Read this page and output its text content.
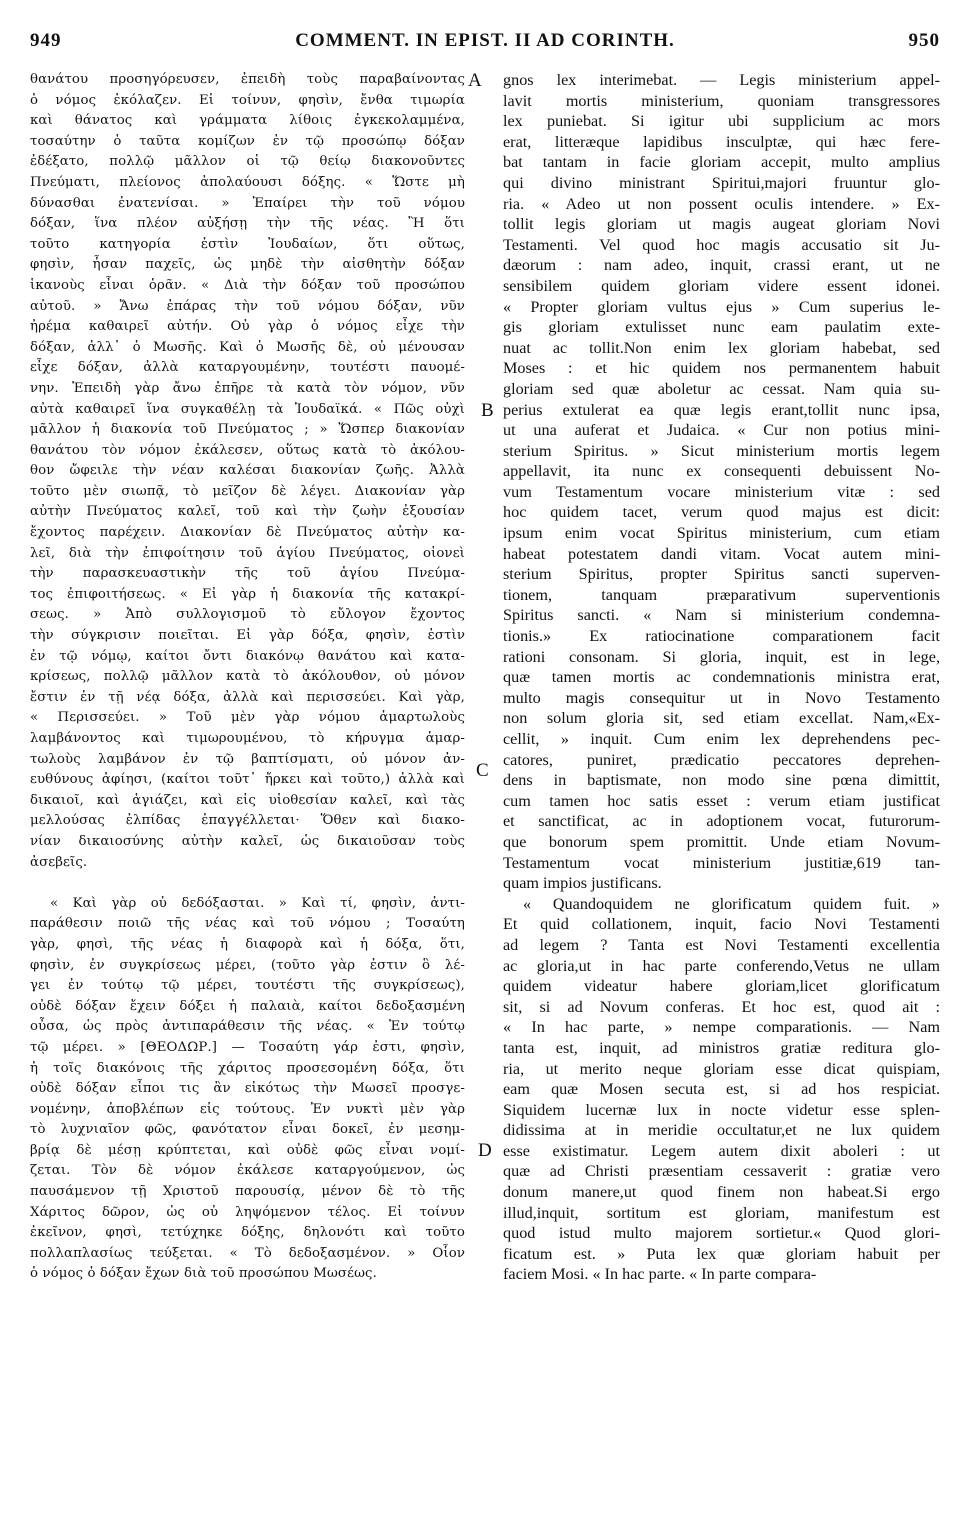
949	COMMENT. IN EPIST. II AD CORINTH.	950
θανάτου προσηγόρευσεν, ἐπειδὴ τοὺς παραβαίνοντας
ὁ νόμος ἐκόλαζεν. Εἰ τοίνυν, φησὶν, ἔνθα τιμωρία
καὶ θάνατος καὶ γράμματα λίθοις ἐγκεκολαμμένα,
τοσαύτην ὁ ταῦτα κομίζων ἐν τῷ προσώπῳ δόξαν
ἐδέξατο, πολλῷ μᾶλλον οἱ τῷ θείῳ διακονοῦντες
Πνεύματι, πλείονος ἀπολαύουσι δόξης. « Ὥστε μὴ
δύνασθαι ἐνατενίσαι. » Ἐπαίρει τὴν τοῦ νόμου
δόξαν, ἵνα πλέον αὐξήσῃ τὴν τῆς νέας. Ἢ ὅτι
τοῦτο κατηγορία ἐστὶν Ἰουδαίων, ὅτι οὕτως,
φησὶν, ἦσαν παχεῖς, ὡς μηδὲ τὴν αἰσθητὴν δόξαν
ἱκανοὺς εἶναι ὁρᾶν. « Διὰ τὴν δόξαν τοῦ προσώπου
αὐτοῦ. » Ἄνω ἐπάρας τὴν τοῦ νόμου δόξαν, νῦν
ἠρέμα καθαιρεῖ αὐτήν. Οὐ γὰρ ὁ νόμος εἶχε τὴν
δόξαν, ἀλλ᾽ ὁ Μωσῆς. Καὶ ὁ Μωσῆς δὲ, οὐ μένουσαν
εἶχε δόξαν, ἀλλὰ καταργουμένην, τουτέστι παυομέ-
νην. Ἐπειδὴ γὰρ ἄνω ἐπῆρε τὰ κατὰ τὸν νόμον, νῦν
αὐτὰ καθαιρεῖ ἵνα συγκαθέλῃ τὰ Ἰουδαϊκά. « Πῶς οὐχὶ
μᾶλλον ἡ διακονία τοῦ Πνεύματος ; » Ὥσπερ διακονίαν
θανάτου τὸν νόμον ἐκάλεσεν, οὕτως κατὰ τὸ ἀκόλου-
θον ὤφειλε τὴν νέαν καλέσαι διακονίαν ζωῆς. Ἀλλὰ
τοῦτο μὲν σιωπᾷ, τὸ μεῖζον δὲ λέγει. Διακονίαν γὰρ
αὐτὴν Πνεύματος καλεῖ, τοῦ καὶ τὴν ζωὴν ἐξουσίαν
ἔχοντος παρέχειν. Διακονίαν δὲ Πνεύματος αὐτὴν κα-
λεῖ, διὰ τὴν ἐπιφοίτησιν τοῦ ἁγίου Πνεύματος, οἱονεὶ
τὴν παρασκευαστικὴν τῆς τοῦ ἁγίου Πνεύμα-
τος ἐπιφοιτήσεως. « Εἰ γὰρ ἡ διακονία τῆς κατακρί-
σεως. » Ἀπὸ συλλογισμοῦ τὸ εὔλογον ἔχοντος
τὴν σύγκρισιν ποιεῖται. Εἰ γὰρ δόξα, φησὶν, ἐστὶν
ἐν τῷ νόμῳ, καίτοι ὄντι διακόνῳ θανάτου καὶ κατα-
κρίσεως, πολλῷ μᾶλλον κατὰ τὸ ἀκόλουθον, οὐ μόνον
ἔστιν ἐν τῇ νέᾳ δόξα, ἀλλὰ καὶ περισσεύει. Καὶ γὰρ,
« Περισσεύει. » Τοῦ μὲν γὰρ νόμου ἁμαρτωλοὺς
λαμβάνοντος καὶ τιμωρουμένου, τὸ κήρυγμα ἁμαρ-
τωλοὺς λαμβάνον ἐν τῷ βαπτίσματι, οὐ μόνον ἀν-
ευθύνους ἀφίησι, (καίτοι τοῦτ᾽ ἤρκει καὶ τοῦτο,) ἀλλὰ καὶ
δικαιοῖ, καὶ ἁγιάζει, καὶ εἰς υἱοθεσίαν καλεῖ, καὶ τὰς
μελλούσας ἐλπίδας ἐπαγγέλλεται· Ὅθεν καὶ διακο-
νίαν δικαιοσύνης αὐτὴν καλεῖ, ὡς δικαιοῦσαν τοὺς
ἀσεβεῖς.
« Καὶ γὰρ οὐ δεδόξασται. » Καὶ τί, φησὶν, ἀντι-
παράθεσιν ποιῶ τῆς νέας καὶ τοῦ νόμου ; Τοσαύτη
γὰρ, φησὶ, τῆς νέας ἡ διαφορὰ καὶ ἡ δόξα, ὅτι,
φησὶν, ἐν συγκρίσεως μέρει, (τοῦτο γὰρ ἐστιν ὃ λέ-
γει ἐν τούτῳ τῷ μέρει, τουτέστι τῆς συγκρίσεως),
οὐδὲ δόξαν ἔχειν δόξει ἡ παλαιὰ, καίτοι δεδοξασμένη
οὖσα, ὡς πρὸς ἀντιπαράθεσιν τῆς νέας. « Ἐν τούτῳ
τῷ μέρει. » [ΘΕΟΔΩΡ.] — Τοσαύτη γάρ ἐστι, φησὶν,
ἡ τοῖς διακόνοις τῆς χάριτος προσεσομένη δόξα, ὅτι
οὐδὲ δόξαν εἶποι τις ἂν εἰκότως τὴν Μωσεῖ προσγε-
νομένην, ἀποβλέπων εἰς τούτους. Ἐν νυκτὶ μὲν γὰρ
τὸ λυχνιαῖον φῶς, φανότατον εἶναι δοκεῖ, ἐν μεσημ-
βρίᾳ δὲ μέσῃ κρύπτεται, καὶ οὐδὲ φῶς εἶναι νομί-
ζεται. Τὸν δὲ νόμον ἐκάλεσε καταργούμενον, ὡς
παυσάμενον τῇ Χριστοῦ παρουσίᾳ, μένον δὲ τὸ τῆς
Χάριτος δῶρον, ὡς οὐ ληψόμενον τέλος. Εἰ τοίνυν
ἐκεῖνον, φησὶ, τετύχηκε δόξης, δηλονότι καὶ τοῦτο
πολλαπλασίως τεύξεται. « Τὸ δεδοξασμένον. » Οἷον
ὁ νόμος ὁ δόξαν ἔχων διὰ τοῦ προσώπου Μωσέως.
gnos lex interimebat. — Legis ministerium appel-
lavit mortis ministerium, quoniam transgressores
lex puniebat. Si igitur ubi supplicium ac mors
erat, litteræque lapidibus insculptæ, qui hæc fere-
bat tantam in facie gloriam accepit, multo amplius
qui divino ministrant Spiritui,majori fruuntur glo-
ria. « Adeo ut non possent oculis intendere. » Ex-
tollit legis gloriam ut magis augeat gloriam Novi
Testamenti. Vel quod hoc magis accusatio sit Ju-
dæorum : nam adeo, inquit, crassi erant, ut ne
sensibilem quidem gloriam videre essent idonei.
« Propter gloriam vultus ejus » Cum superius le-
gis gloriam extulisset nunc eam paulatim exte-
nuat ac tollit.Non enim lex gloriam habebat, sed
Moses : et hic quidem nos permanentem habuit
gloriam sed quæ aboletur ac cessat. Nam quia su-
perius extulerat ea quæ legis erant,tollit nunc ipsa,
ut una auferat et Judaica. « Cur non potius mini-
sterium Spiritus. » Sicut ministerium mortis legem
appellavit, ita nunc ex consequenti debuissent No-
vum Testamentum vocare ministerium vitæ : sed
hoc quidem tacet, verum quod majus est dicit:
ipsum enim vocat Spiritus ministerium, cum etiam
habeat potestatem dandi vitam. Vocat autem mini-
sterium Spiritus, propter Spiritus sancti superven-
tionem, tanquam præparativum superventionis
Spiritus sancti. « Nam si ministerium condemna-
tionis.» Ex ratiocinatione comparationem facit
rationi consonam. Si gloria, inquit, est in lege,
quæ tamen mortis ac condemnationis ministra erat,
multo magis consequitur ut in Novo Testamento
non solum gloria sit, sed etiam excellat. Nam,«Ex-
cellit, » inquit. Cum enim lex deprehendens pec-
catores, puniret, prædicatio peccatores deprehen-
dens in baptismate, non modo sine pœna dimittit,
cum tamen hoc satis esset : verum etiam justificat
et sanctificat, ac in adoptionem vocat, futurorum-
que bonorum spem promittit. Unde etiam Novum-
Testamentum vocat ministerium justitiæ,619 tan-
quam impios justificans.
« Quandoquidem ne glorificatum quidem fuit. »
Et quid collationem, inquit, facio Novi Testamenti
ad legem ? Tanta est Novi Testamenti excellentia
ac gloria,ut in hac parte conferendo,Vetus ne ullam
quidem videatur habere gloriam,licet glorificatum
sit, si ad Novum conferas. Et hoc est, quod ait :
« In hac parte, » nempe comparationis. — Nam
tanta est, inquit, ad ministros gratiæ reditura glo-
ria, ut merito neque gloriam esse dicat quispiam,
eam quæ Mosen secuta est, si ad hos respiciat.
Siquidem lucernæ lux in nocte videtur esse splen-
didissima at in meridie occultatur,et ne lux quidem
esse existimatur. Legem autem dixit aboleri : ut
quæ ad Christi præsentiam cessaverit : gratiæ vero
donum manere,ut quod finem non habeat.Si ergo
illud,inquit, sortitum est gloriam, manifestum est
quod istud multo majorem sortietur.« Quod glori-
ficatum est. » Puta lex quæ gloriam habuit per
faciem Mosi. « In hac parte. « In parte compara-
A
B
C
D
